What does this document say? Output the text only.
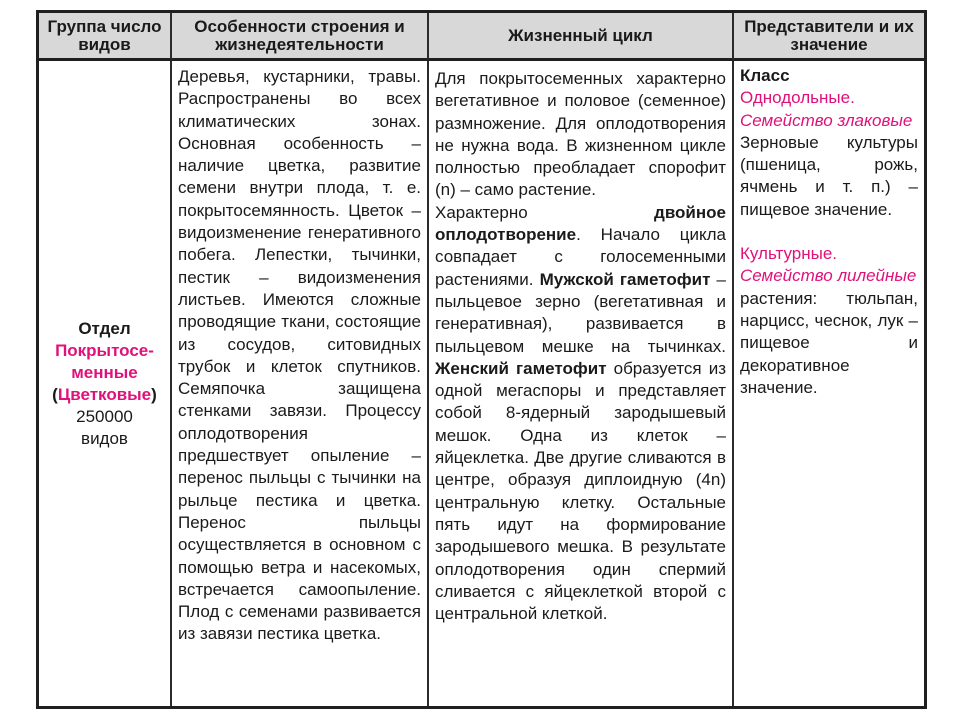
Группа число видов
Особенности строения и жизнедеятельности	Жизненный цикл	Представители и их значение
Отдел
Покрытосе-
менные
(Цветковые)
250000
видов
Деревья, кустарники, травы. Распространены во всех климатических зонах. Основная особенность – наличие цветка, развитие семени внутри плода, т. е. покрытосемянность. Цветок – видоизменение генеративного побега. Лепестки, тычинки, пестик – видоизменения листьев. Имеются сложные проводящие ткани, состоящие из сосудов, ситовидных трубок и клеток спутников. Семяпочка защищена стенками завязи. Процессу оплодотворения предшествует опыление – перенос пыльцы с тычинки на рыльце пестика и цветка. Перенос пыльцы осуществляется в основном с помощью ветра и насекомых, встречается самоопыление. Плод с семенами развивается из завязи пестика цветка.
Для покрытосеменных характерно вегетативное и половое (семенное) размножение. Для оплодотворения не нужна вода. В жизненном цикле полностью преобладает спорофит (n) – само растение.
Характерно двойное оплодотворение. Начало цикла совпадает с голосеменными растениями. Мужской гаметофит – пыльцевое зерно (вегетативная и генеративная), развивается в пыльцевом мешке на тычинках. Женский гаметофит образуется из одной мегаспоры и представляет собой 8-ядерный зародышевый мешок. Одна из клеток – яйцеклетка. Две другие сливаются в центре, образуя диплоидную (4n) центральную клетку. Остальные пять идут на формирование зародышевого мешка. В результате оплодотворения один спермий сливается с яйцеклеткой второй с центральной клеткой.
Класс
Однодольные.
Семейство злаковые
Зерновые культуры (пшеница, рожь, ячмень и т. п.) – пищевое значение.
Культурные.
Семейство лилейные
растения: тюльпан, нарцисс, чеснок, лук – пищевое и декоративное значение.
